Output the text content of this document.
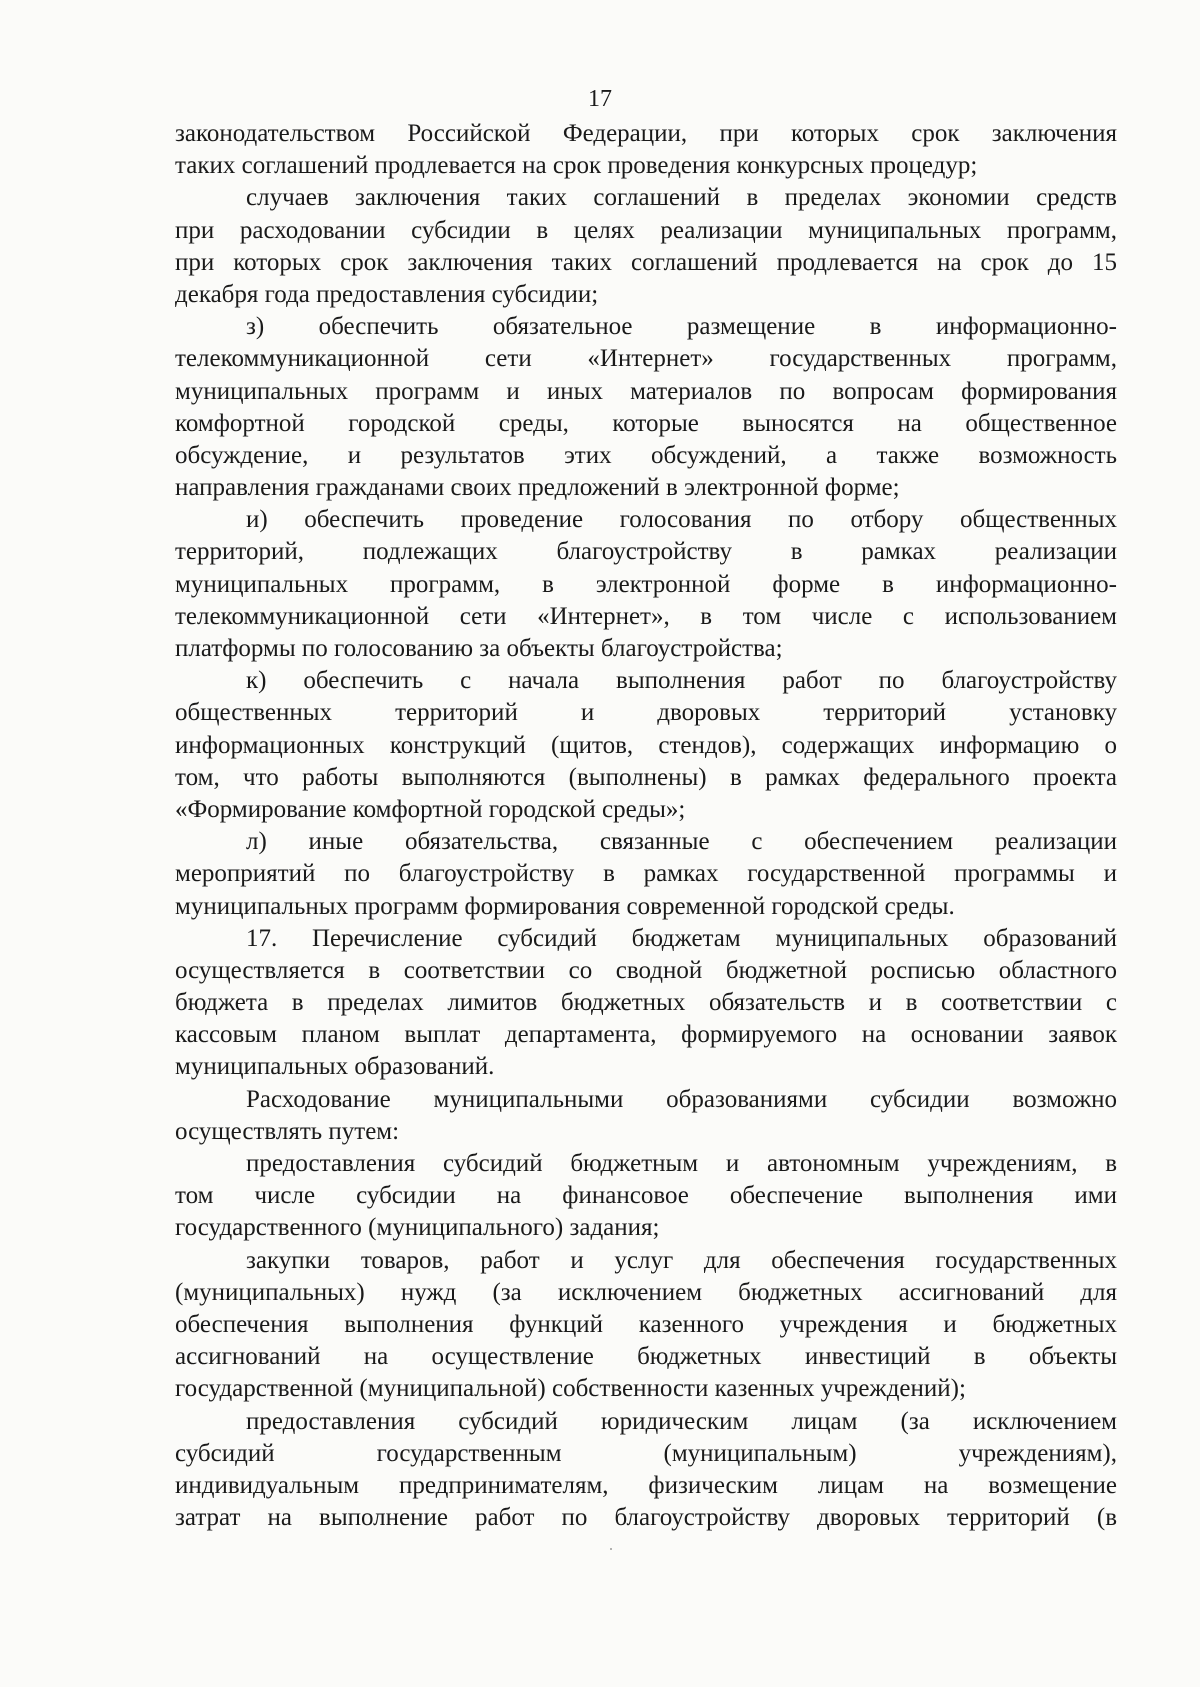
17
законодательством Российской Федерации, при которых срок заключения
таких соглашений продлевается на срок проведения конкурсных процедур;
случаев заключения таких соглашений в пределах экономии средств
при расходовании субсидии в целях реализации муниципальных программ,
при которых срок заключения таких соглашений продлевается на срок до 15
декабря года предоставления субсидии;
з) обеспечить обязательное размещение в информационно-
телекоммуникационной сети «Интернет» государственных программ,
муниципальных программ и иных материалов по вопросам формирования
комфортной городской среды, которые выносятся на общественное
обсуждение, и результатов этих обсуждений, а также возможность
направления гражданами своих предложений в электронной форме;
и) обеспечить проведение голосования по отбору общественных
территорий, подлежащих благоустройству в рамках реализации
муниципальных программ, в электронной форме в информационно-
телекоммуникационной сети «Интернет», в том числе с использованием
платформы по голосованию за объекты благоустройства;
к) обеспечить с начала выполнения работ по благоустройству
общественных территорий и дворовых территорий установку
информационных конструкций (щитов, стендов), содержащих информацию о
том, что работы выполняются (выполнены) в рамках федерального проекта
«Формирование комфортной городской среды»;
л) иные обязательства, связанные с обеспечением реализации
мероприятий по благоустройству в рамках государственной программы и
муниципальных программ формирования современной городской среды.
17. Перечисление субсидий бюджетам муниципальных образований
осуществляется в соответствии со сводной бюджетной росписью областного
бюджета в пределах лимитов бюджетных обязательств и в соответствии с
кассовым планом выплат департамента, формируемого на основании заявок
муниципальных образований.
Расходование муниципальными образованиями субсидии возможно
осуществлять путем:
предоставления субсидий бюджетным и автономным учреждениям, в
том числе субсидии на финансовое обеспечение выполнения ими
государственного (муниципального) задания;
закупки товаров, работ и услуг для обеспечения государственных
(муниципальных) нужд (за исключением бюджетных ассигнований для
обеспечения выполнения функций казенного учреждения и бюджетных
ассигнований на осуществление бюджетных инвестиций в объекты
государственной (муниципальной) собственности казенных учреждений);
предоставления субсидий юридическим лицам (за исключением
субсидий государственным (муниципальным) учреждениям),
индивидуальным предпринимателям, физическим лицам на возмещение
затрат на выполнение работ по благоустройству дворовых территорий (в
